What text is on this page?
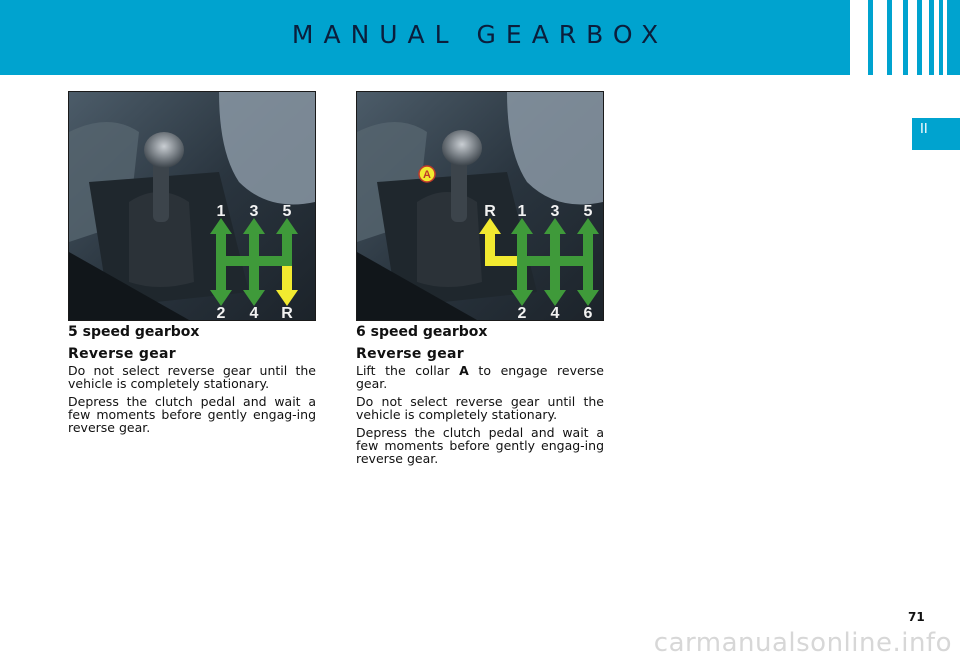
MANUAL GEARBOX
II
1 3 5
2 4 R
A
R 1 3 5
2 4 6
5 speed gearbox
Reverse gear

Do not select reverse gear until the vehicle is completely stationary.

Depress the clutch pedal and wait a few moments before gently engag-ing reverse gear.

6 speed gearbox
Reverse gear

Lift the collar A to engage reverse gear.

Do not select reverse gear until the vehicle is completely stationary.

Depress the clutch pedal and wait a few moments before gently engag-ing reverse gear.

71
carmanualsonline.info
